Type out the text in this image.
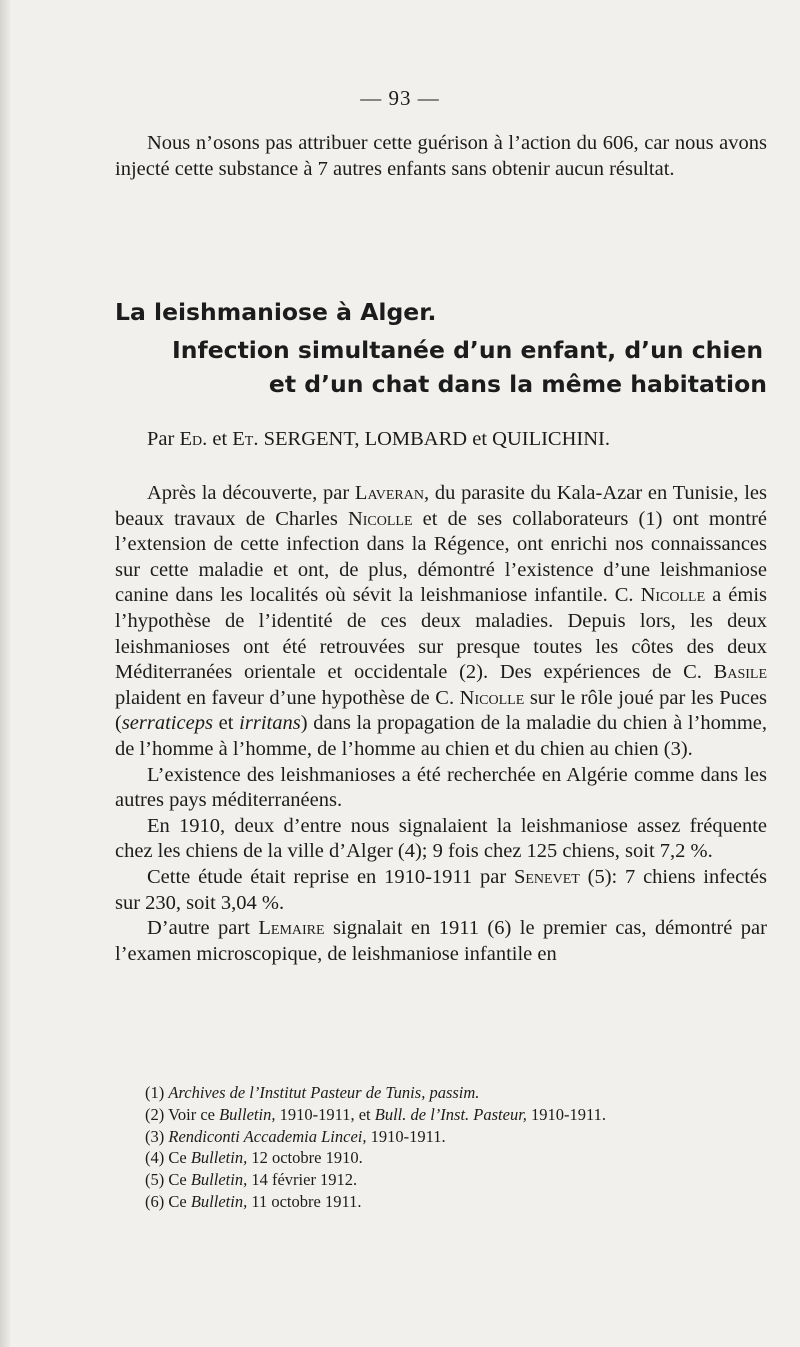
— 93 —

Nous n’osons pas attribuer cette guérison à l’action du 606, car nous avons injecté cette substance à 7 autres enfants sans obtenir aucun résultat.

La leishmaniose à Alger.
Infection simultanée d’un enfant, d’un chien
et d’un chat dans la même habitation
Par Ed. et Et. SERGENT, LOMBARD et QUILICHINI.

Après la découverte, par Laveran, du parasite du Kala-Azar en Tunisie, les beaux travaux de Charles Nicolle et de ses collaborateurs (1) ont montré l’extension de cette infection dans la Régence, ont enrichi nos connaissances sur cette maladie et ont, de plus, démontré l’existence d’une leishmaniose canine dans les localités où sévit la leishmaniose infantile. C. Nicolle a émis l’hypothèse de l’identité de ces deux maladies. Depuis lors, les deux leishmanioses ont été retrouvées sur presque toutes les côtes des deux Méditerranées orientale et occidentale (2). Des expériences de C. Basile plaident en faveur d’une hypothèse de C. Nicolle sur le rôle joué par les Puces (serraticeps et irritans) dans la propagation de la maladie du chien à l’homme, de l’homme à l’homme, de l’homme au chien et du chien au chien (3).

L’existence des leishmanioses a été recherchée en Algérie comme dans les autres pays méditerranéens.

En 1910, deux d’entre nous signalaient la leishmaniose assez fréquente chez les chiens de la ville d’Alger (4); 9 fois chez 125 chiens, soit 7,2 %.

Cette étude était reprise en 1910-1911 par Senevet (5): 7 chiens infectés sur 230, soit 3,04 %.

D’autre part Lemaire signalait en 1911 (6) le premier cas, démontré par l’examen microscopique, de leishmaniose infantile en

(1) Archives de l’Institut Pasteur de Tunis, passim.
(2) Voir ce Bulletin, 1910-1911, et Bull. de l’Inst. Pasteur, 1910-1911.
(3) Rendiconti Accademia Lincei, 1910-1911.
(4) Ce Bulletin, 12 octobre 1910.
(5) Ce Bulletin, 14 février 1912.
(6) Ce Bulletin, 11 octobre 1911.
